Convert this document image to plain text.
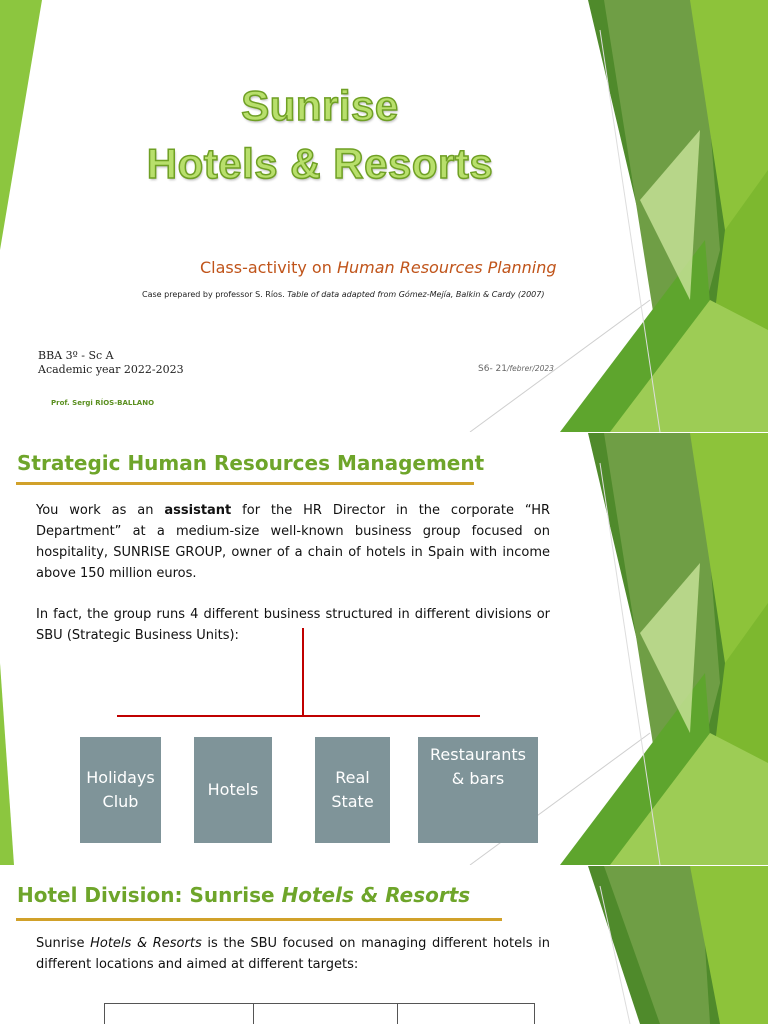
Sunrise
Hotels & Resorts
Class-activity on Human Resources Planning
Case prepared by professor S. Ríos. Table of data adapted from Gómez-Mejía, Balkin & Cardy (2007)
BBA 3º - Sc A
Academic year 2022-2023	S6- 21/febrer/2023
Prof. Sergi RÍOS-BALLANO
Strategic Human Resources Management
You work as an assistant for the HR Director in the corporate “HR Department” at a medium-size well-known business group focused on hospitality, SUNRISE GROUP, owner of a chain of hotels in Spain with income above 150 million euros.
In fact, the group runs 4 different business structured in different divisions or SBU (Strategic Business Units):
Holidays Club
Hotels
Real State
Restaurants & bars
Hotel Division: Sunrise Hotels & Resorts
Sunrise Hotels & Resorts is the SBU focused on managing different hotels in different locations and aimed at different targets:
